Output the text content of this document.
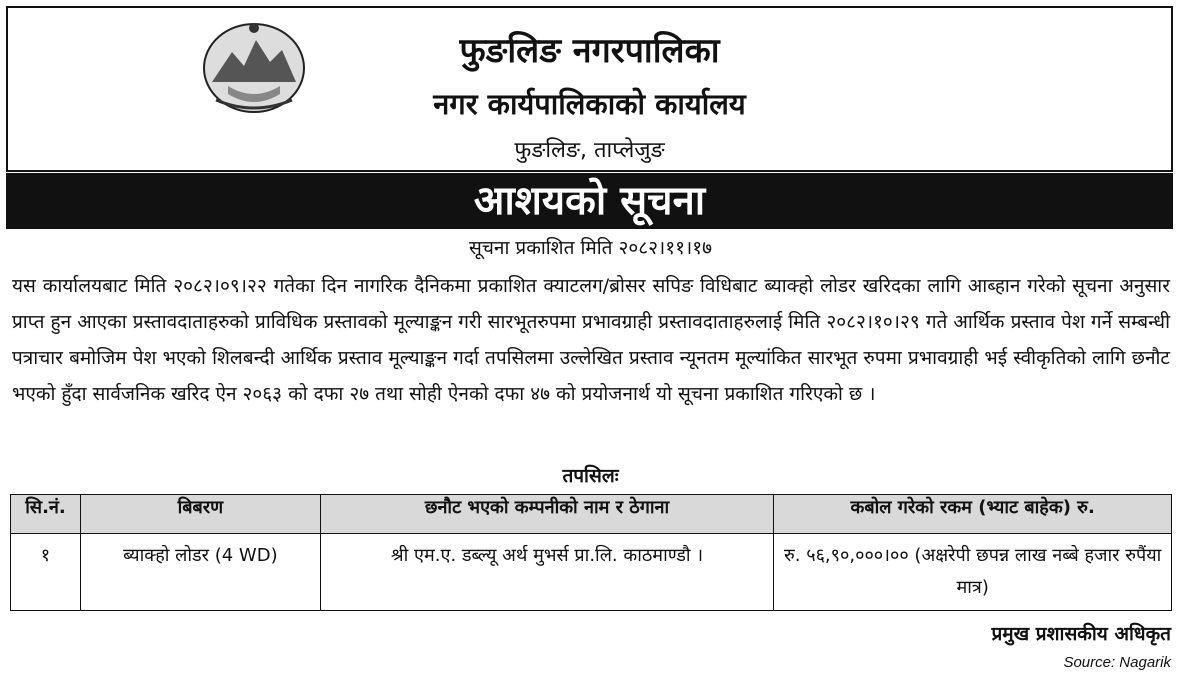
फुङलिङ नगरपालिका
नगर कार्यपालिकाको कार्यालय
फुङलिङ, ताप्लेजुङ
आशयको सूचना
सूचना प्रकाशित मिति २०८२।११।१७
यस कार्यालयबाट मिति २०८२।०९।२२ गतेका दिन नागरिक दैनिकमा प्रकाशित क्याटलग/ब्रोसर सपिङ विधिबाट ब्याक्हो लोडर खरिदका लागि आब्हान गरेको सूचना अनुसार प्राप्त हुन आएका प्रस्तावदाताहरुको प्राविधिक प्रस्तावको मूल्याङ्कन गरी सारभूतरुपमा प्रभावग्राही प्रस्तावदाताहरुलाई मिति २०८२।१०।२९ गते आर्थिक प्रस्ताव पेश गर्ने सम्बन्धी पत्राचार बमोजिम पेश भएको शिलबन्दी आर्थिक प्रस्ताव मूल्याङ्कन गर्दा तपसिलमा उल्लेखित प्रस्ताव न्यूनतम मूल्यांकित सारभूत रुपमा प्रभावग्राही भई स्वीकृतिको लागि छनौट भएको हुँदा सार्वजनिक खरिद ऐन २०६३ को दफा २७ तथा सोही ऐनको दफा ४७ को प्रयोजनार्थ यो सूचना प्रकाशित गरिएको छ ।
तपसिलः
सि.नं.	बिबरण	छनौट भएको कम्पनीको नाम र ठेगाना	कबोल गरेको रकम (भ्याट बाहेक) रु.
१	ब्याक्हो लोडर (4 WD)	श्री एम.ए. डब्ल्यू अर्थ मुभर्स प्रा.लि. काठमाण्डौ ।	रु. ५६,९०,०००।०० (अक्षरेपी छपन्न लाख नब्बे हजार रुपैंया मात्र)
प्रमुख प्रशासकीय अधिकृत
Source: Nagarik
